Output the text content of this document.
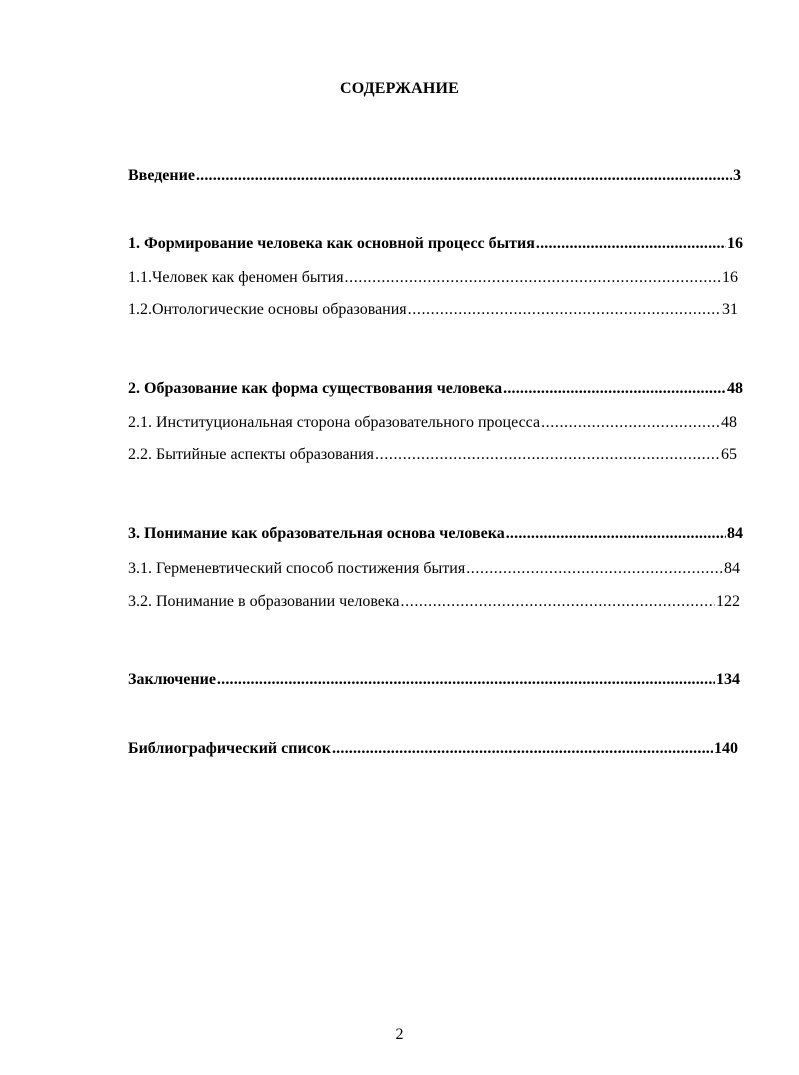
СОДЕРЖАНИЕ
Введение .....	3
1. Формирование человека как основной процесс бытия .....	16
1.1.Человек как феномен бытия .....	16
1.2.Онтологические основы образования .....	31
2. Образование как форма существования человека .....	48
2.1. Институциональная сторона образовательного процесса .....	48
2.2. Бытийные аспекты образования .....	65
3. Понимание как образовательная основа человека .....	84
3.1. Герменевтический способ постижения бытия .....	84
3.2. Понимание в образовании человека .....	122
Заключение .....	134
Библиографический список .....	140
2
